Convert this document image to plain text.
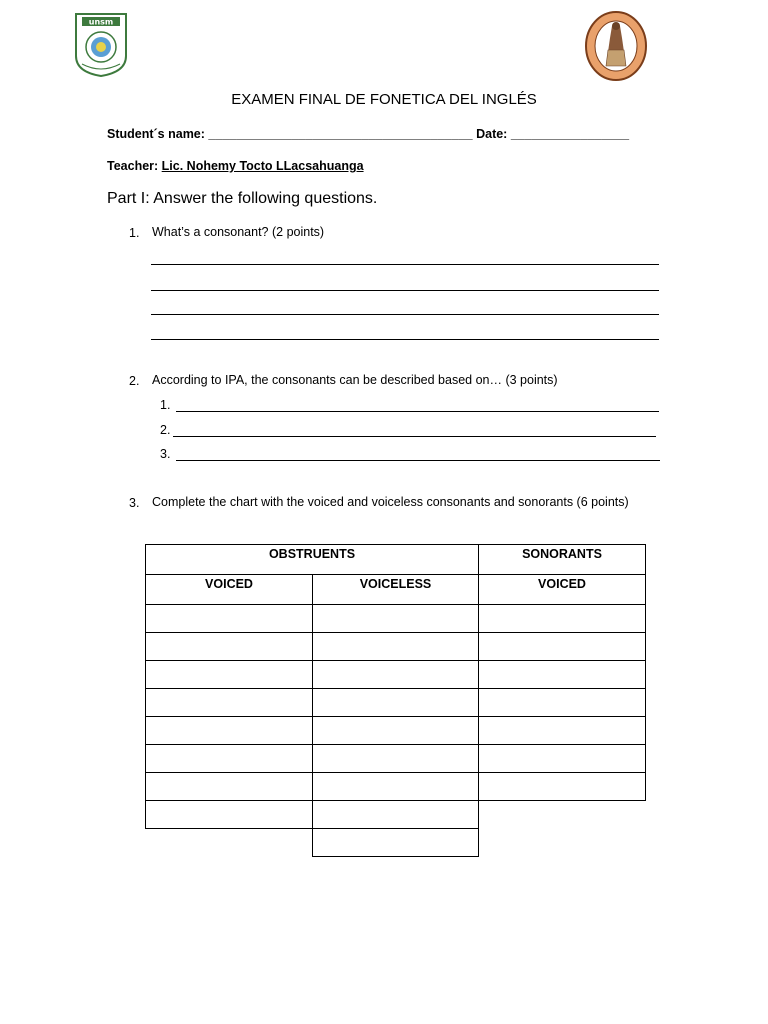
unsm
EXAMEN FINAL DE FONETICA DEL INGLÉS
Student´s name: ______________________________________ Date: _________________
Teacher: Lic. Nohemy Tocto LLacsahuanga
Part I: Answer the following questions.
1. What’s a consonant? (2 points)
2. According to IPA, the consonants can be described based on… (3 points)
1.
2.
3.
3. Complete the chart with the voiced and voiceless consonants and sonorants (6 points)
OBSTRUENTS		SONORANTS
VOICED	VOICELESS	VOICED
